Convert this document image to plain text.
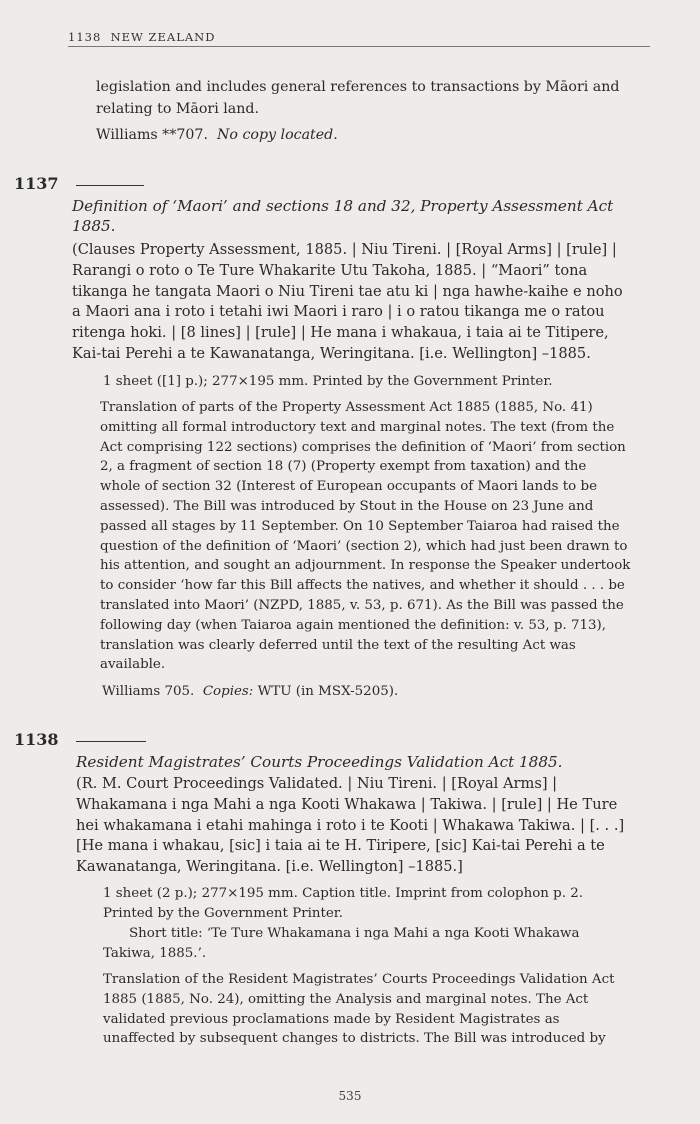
1138 NEW ZEALAND

legislation and includes general references to transactions by Māori and

relating to Māori land.

Williams **707. No copy located.

1137
Definition of ‘Maori’ and sections 18 and 32, Property Assessment Act
1885.
(Clauses Property Assessment, 1885. | Niu Tireni. | [Royal Arms] | [rule] |
Rarangi o roto o Te Ture Whakarite Utu Takoha, 1885. | “Maori” tona
tikanga he tangata Maori o Niu Tireni tae atu ki | nga hawhe-kaihe e noho
a Maori ana i roto i tetahi iwi Maori i raro | i o ratou tikanga me o ratou
ritenga hoki. | [8 lines] | [rule] | He mana i whakaua, i taia ai te Titipere,
Kai-tai Perehi a te Kawanatanga, Weringitana. [i.e. Wellington] –1885.

1 sheet ([1] p.); 277×195 mm. Printed by the Government Printer.

Translation of parts of the Property Assessment Act 1885 (1885, No. 41)
omitting all formal introductory text and marginal notes. The text (from the
Act comprising 122 sections) comprises the definition of ‘Maori’ from section
2, a fragment of section 18 (7) (Property exempt from taxation) and the
whole of section 32 (Interest of European occupants of Maori lands to be
assessed). The Bill was introduced by Stout in the House on 23 June and
passed all stages by 11 September. On 10 September Taiaroa had raised the
question of the definition of ‘Maori’ (section 2), which had just been drawn to
his attention, and sought an adjournment. In response the Speaker undertook
to consider ‘how far this Bill affects the natives, and whether it should . . . be
translated into Maori’ (NZPD, 1885, v. 53, p. 671). As the Bill was passed the
following day (when Taiaroa again mentioned the definition: v. 53, p. 713),
translation was clearly deferred until the text of the resulting Act was
available.

Williams 705. Copies: WTU (in MSX-5205).

1138
Resident Magistrates’ Courts Proceedings Validation Act 1885.
(R. M. Court Proceedings Validated. | Niu Tireni. | [Royal Arms] |
Whakamana i nga Mahi a nga Kooti Whakawa | Takiwa. | [rule] | He Ture
hei whakamana i etahi mahinga i roto i te Kooti | Whakawa Takiwa. | [. . .]
[He mana i whakau, [sic] i taia ai te H. Tiripere, [sic] Kai-tai Perehi a te
Kawanatanga, Weringitana. [i.e. Wellington] –1885.]
1 sheet (2 p.); 277×195 mm. Caption title. Imprint from colophon p. 2.
Printed by the Government Printer.
Short title: ‘Te Ture Whakamana i nga Mahi a nga Kooti Whakawa
Takiwa, 1885.’.
Translation of the Resident Magistrates’ Courts Proceedings Validation Act
1885 (1885, No. 24), omitting the Analysis and marginal notes. The Act
validated previous proclamations made by Resident Magistrates as
unaffected by subsequent changes to districts. The Bill was introduced by
535
